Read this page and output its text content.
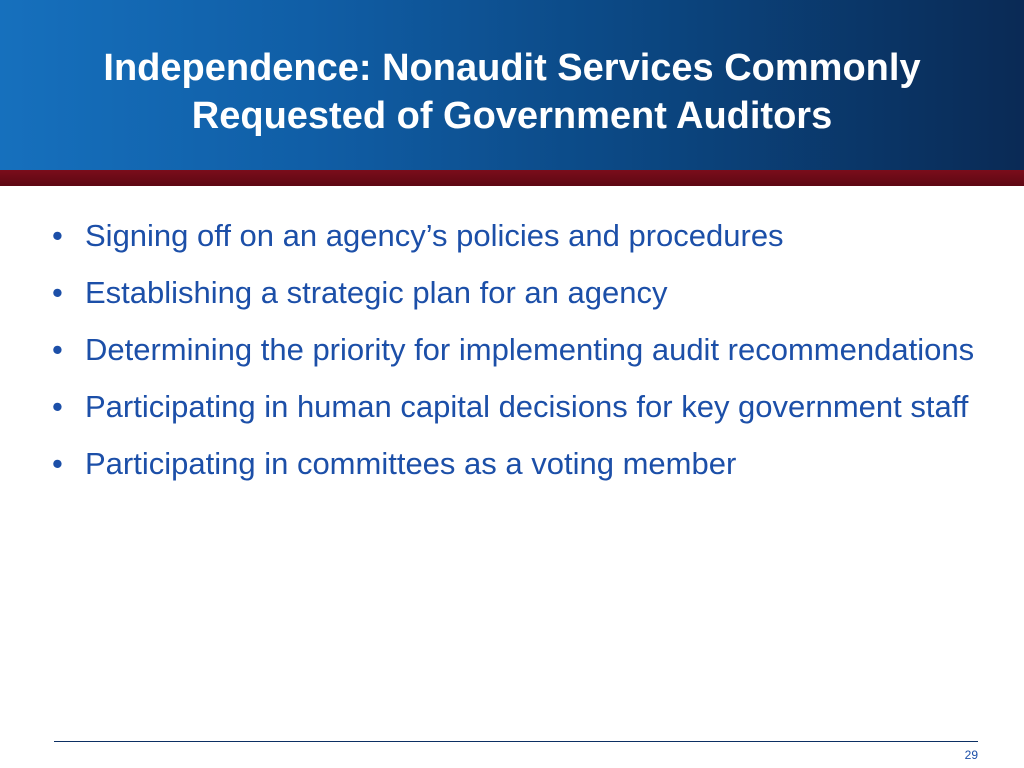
Independence: Nonaudit Services Commonly
Requested of Government Auditors
• Signing off on an agency’s policies and procedures
• Establishing a strategic plan for an agency
• Determining the priority for implementing audit recommendations
• Participating in human capital decisions for key government staff
• Participating in committees as a voting member
29
